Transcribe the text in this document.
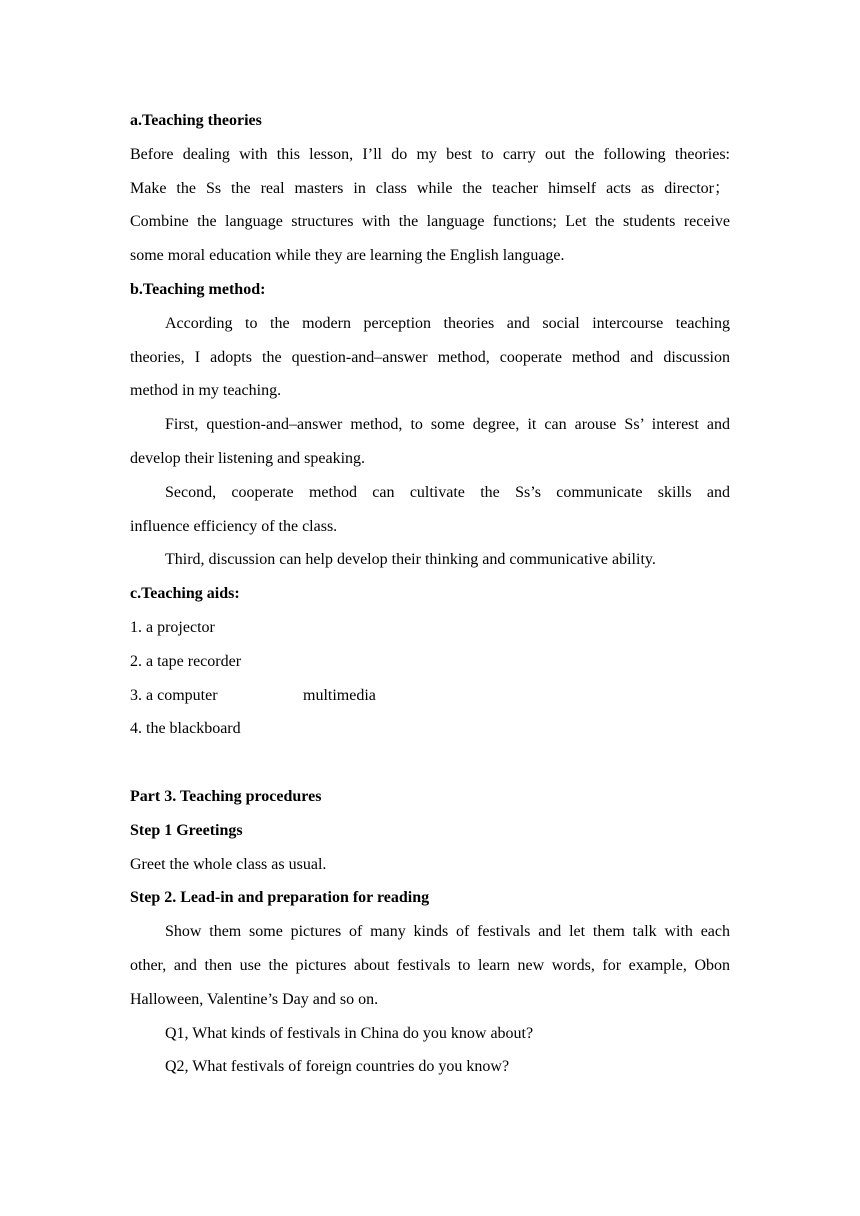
a.Teaching theories
Before dealing with this lesson, I’ll do my best to carry out the following theories:
Make the Ss the real masters in class while the teacher himself acts as director；
Combine the language structures with the language functions; Let the students receive
some moral education while they are learning the English language.
b.Teaching method:
According to the modern perception theories and social intercourse teaching
theories, I adopts the question-and–answer method, cooperate method and discussion
method in my teaching.
First, question-and–answer method, to some degree, it can arouse Ss’ interest and
develop their listening and speaking.
Second, cooperate method can cultivate the Ss’s communicate skills and
influence efficiency of the class.
Third, discussion can help develop their thinking and communicative ability.
c.Teaching aids:
1. a projector
2. a tape recorder
3. a computer	multimedia
4. the blackboard
Part 3. Teaching procedures
Step 1 Greetings
Greet the whole class as usual.
Step 2. Lead-in and preparation for reading
Show them some pictures of many kinds of festivals and let them talk with each
other, and then use the pictures about festivals to learn new words, for example, Obon
Halloween, Valentine’s Day and so on.
Q1, What kinds of festivals in China do you know about?
Q2, What festivals of foreign countries do you know?
